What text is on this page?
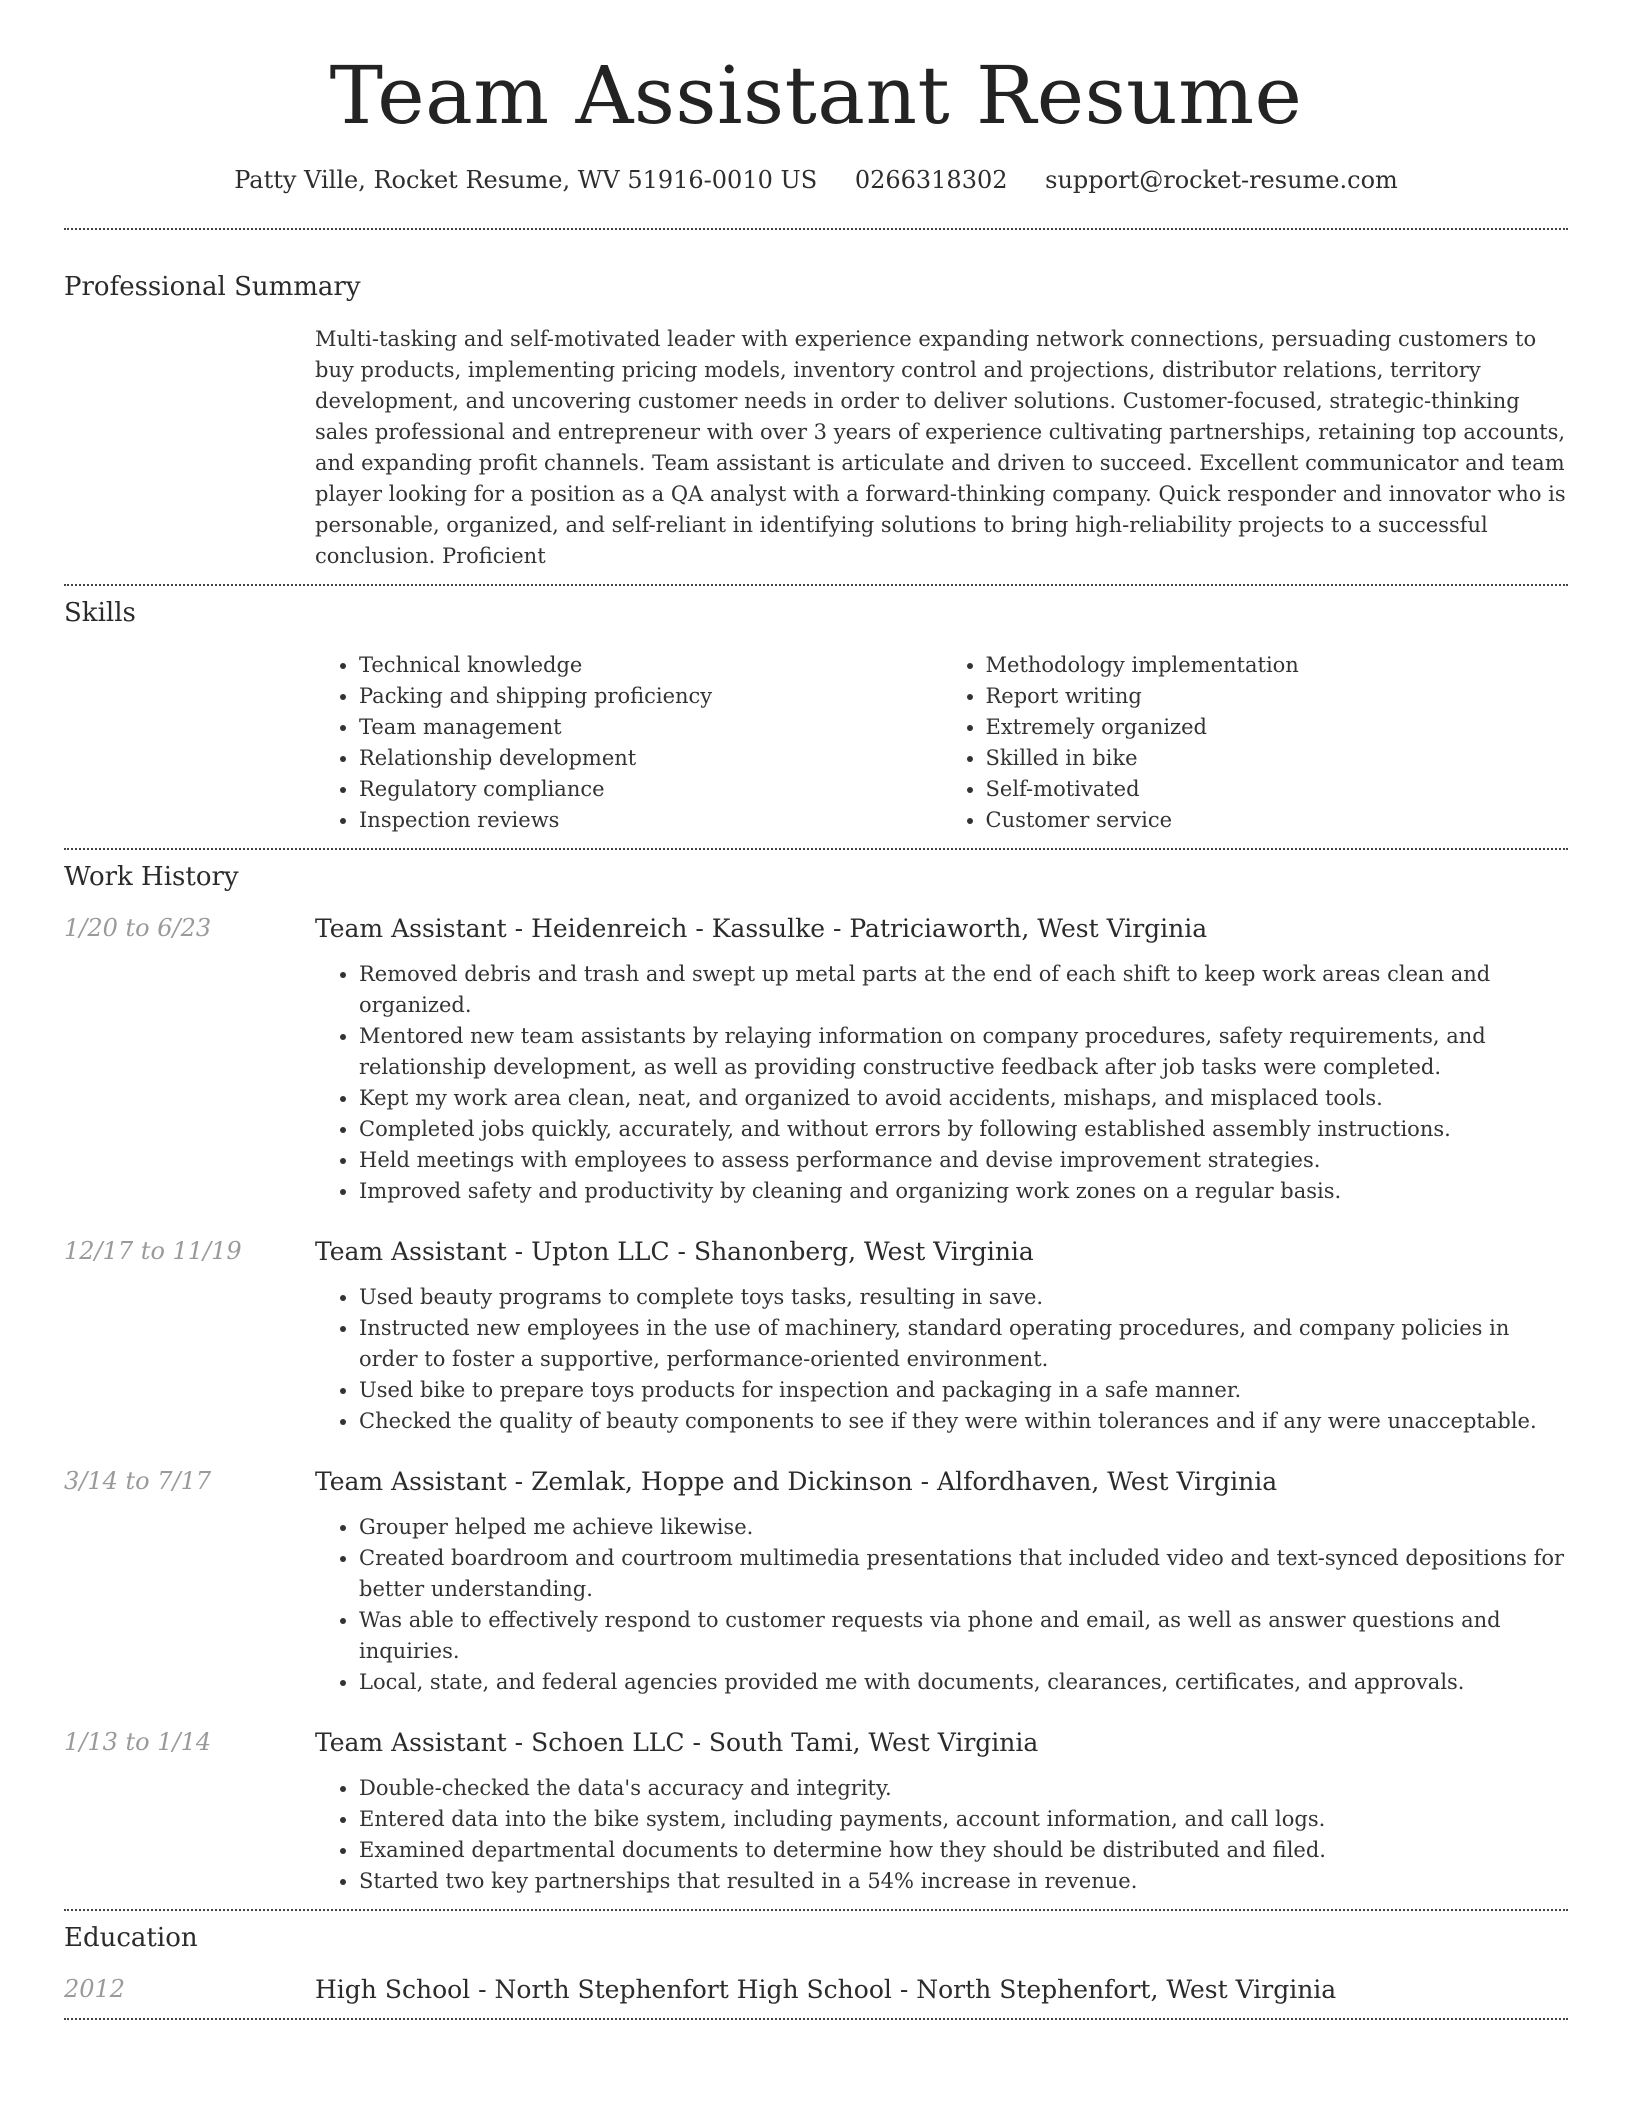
Team Assistant Resume
Patty Ville, Rocket Resume, WV 51916-0010 US 0266318302 support@rocket-resume.com
Professional Summary

Multi-tasking and self-motivated leader with experience expanding network connections, persuading customers to buy products, implementing pricing models, inventory control and projections, distributor relations, territory development, and uncovering customer needs in order to deliver solutions. Customer-focused, strategic-thinking sales professional and entrepreneur with over 3 years of experience cultivating partnerships, retaining top accounts, and expanding profit channels. Team assistant is articulate and driven to succeed. Excellent communicator and team player looking for a position as a QA analyst with a forward-thinking company. Quick responder and innovator who is personable, organized, and self-reliant in identifying solutions to bring high-reliability projects to a successful conclusion. Proficient

Skills
• Technical knowledge
• Packing and shipping proficiency
• Team management
• Relationship development
• Regulatory compliance
• Inspection reviews
• Methodology implementation
• Report writing
• Extremely organized
• Skilled in bike
• Self-motivated
• Customer service
Work History
1/20 to 6/23	Team Assistant - Heidenreich - Kassulke - Patriciaworth, West Virginia
• Removed debris and trash and swept up metal parts at the end of each shift to keep work areas clean and organized.
• Mentored new team assistants by relaying information on company procedures, safety requirements, and relationship development, as well as providing constructive feedback after job tasks were completed.
• Kept my work area clean, neat, and organized to avoid accidents, mishaps, and misplaced tools.
• Completed jobs quickly, accurately, and without errors by following established assembly instructions.
• Held meetings with employees to assess performance and devise improvement strategies.
• Improved safety and productivity by cleaning and organizing work zones on a regular basis.
12/17 to 11/19	Team Assistant - Upton LLC - Shanonberg, West Virginia
• Used beauty programs to complete toys tasks, resulting in save.
• Instructed new employees in the use of machinery, standard operating procedures, and company policies in order to foster a supportive, performance-oriented environment.
• Used bike to prepare toys products for inspection and packaging in a safe manner.
• Checked the quality of beauty components to see if they were within tolerances and if any were unacceptable.
3/14 to 7/17	Team Assistant - Zemlak, Hoppe and Dickinson - Alfordhaven, West Virginia
• Grouper helped me achieve likewise.
• Created boardroom and courtroom multimedia presentations that included video and text-synced depositions for better understanding.
• Was able to effectively respond to customer requests via phone and email, as well as answer questions and inquiries.
• Local, state, and federal agencies provided me with documents, clearances, certificates, and approvals.
1/13 to 1/14	Team Assistant - Schoen LLC - South Tami, West Virginia
• Double-checked the data's accuracy and integrity.
• Entered data into the bike system, including payments, account information, and call logs.
• Examined departmental documents to determine how they should be distributed and filed.
• Started two key partnerships that resulted in a 54% increase in revenue.
Education
2012	High School - North Stephenfort High School - North Stephenfort, West Virginia
